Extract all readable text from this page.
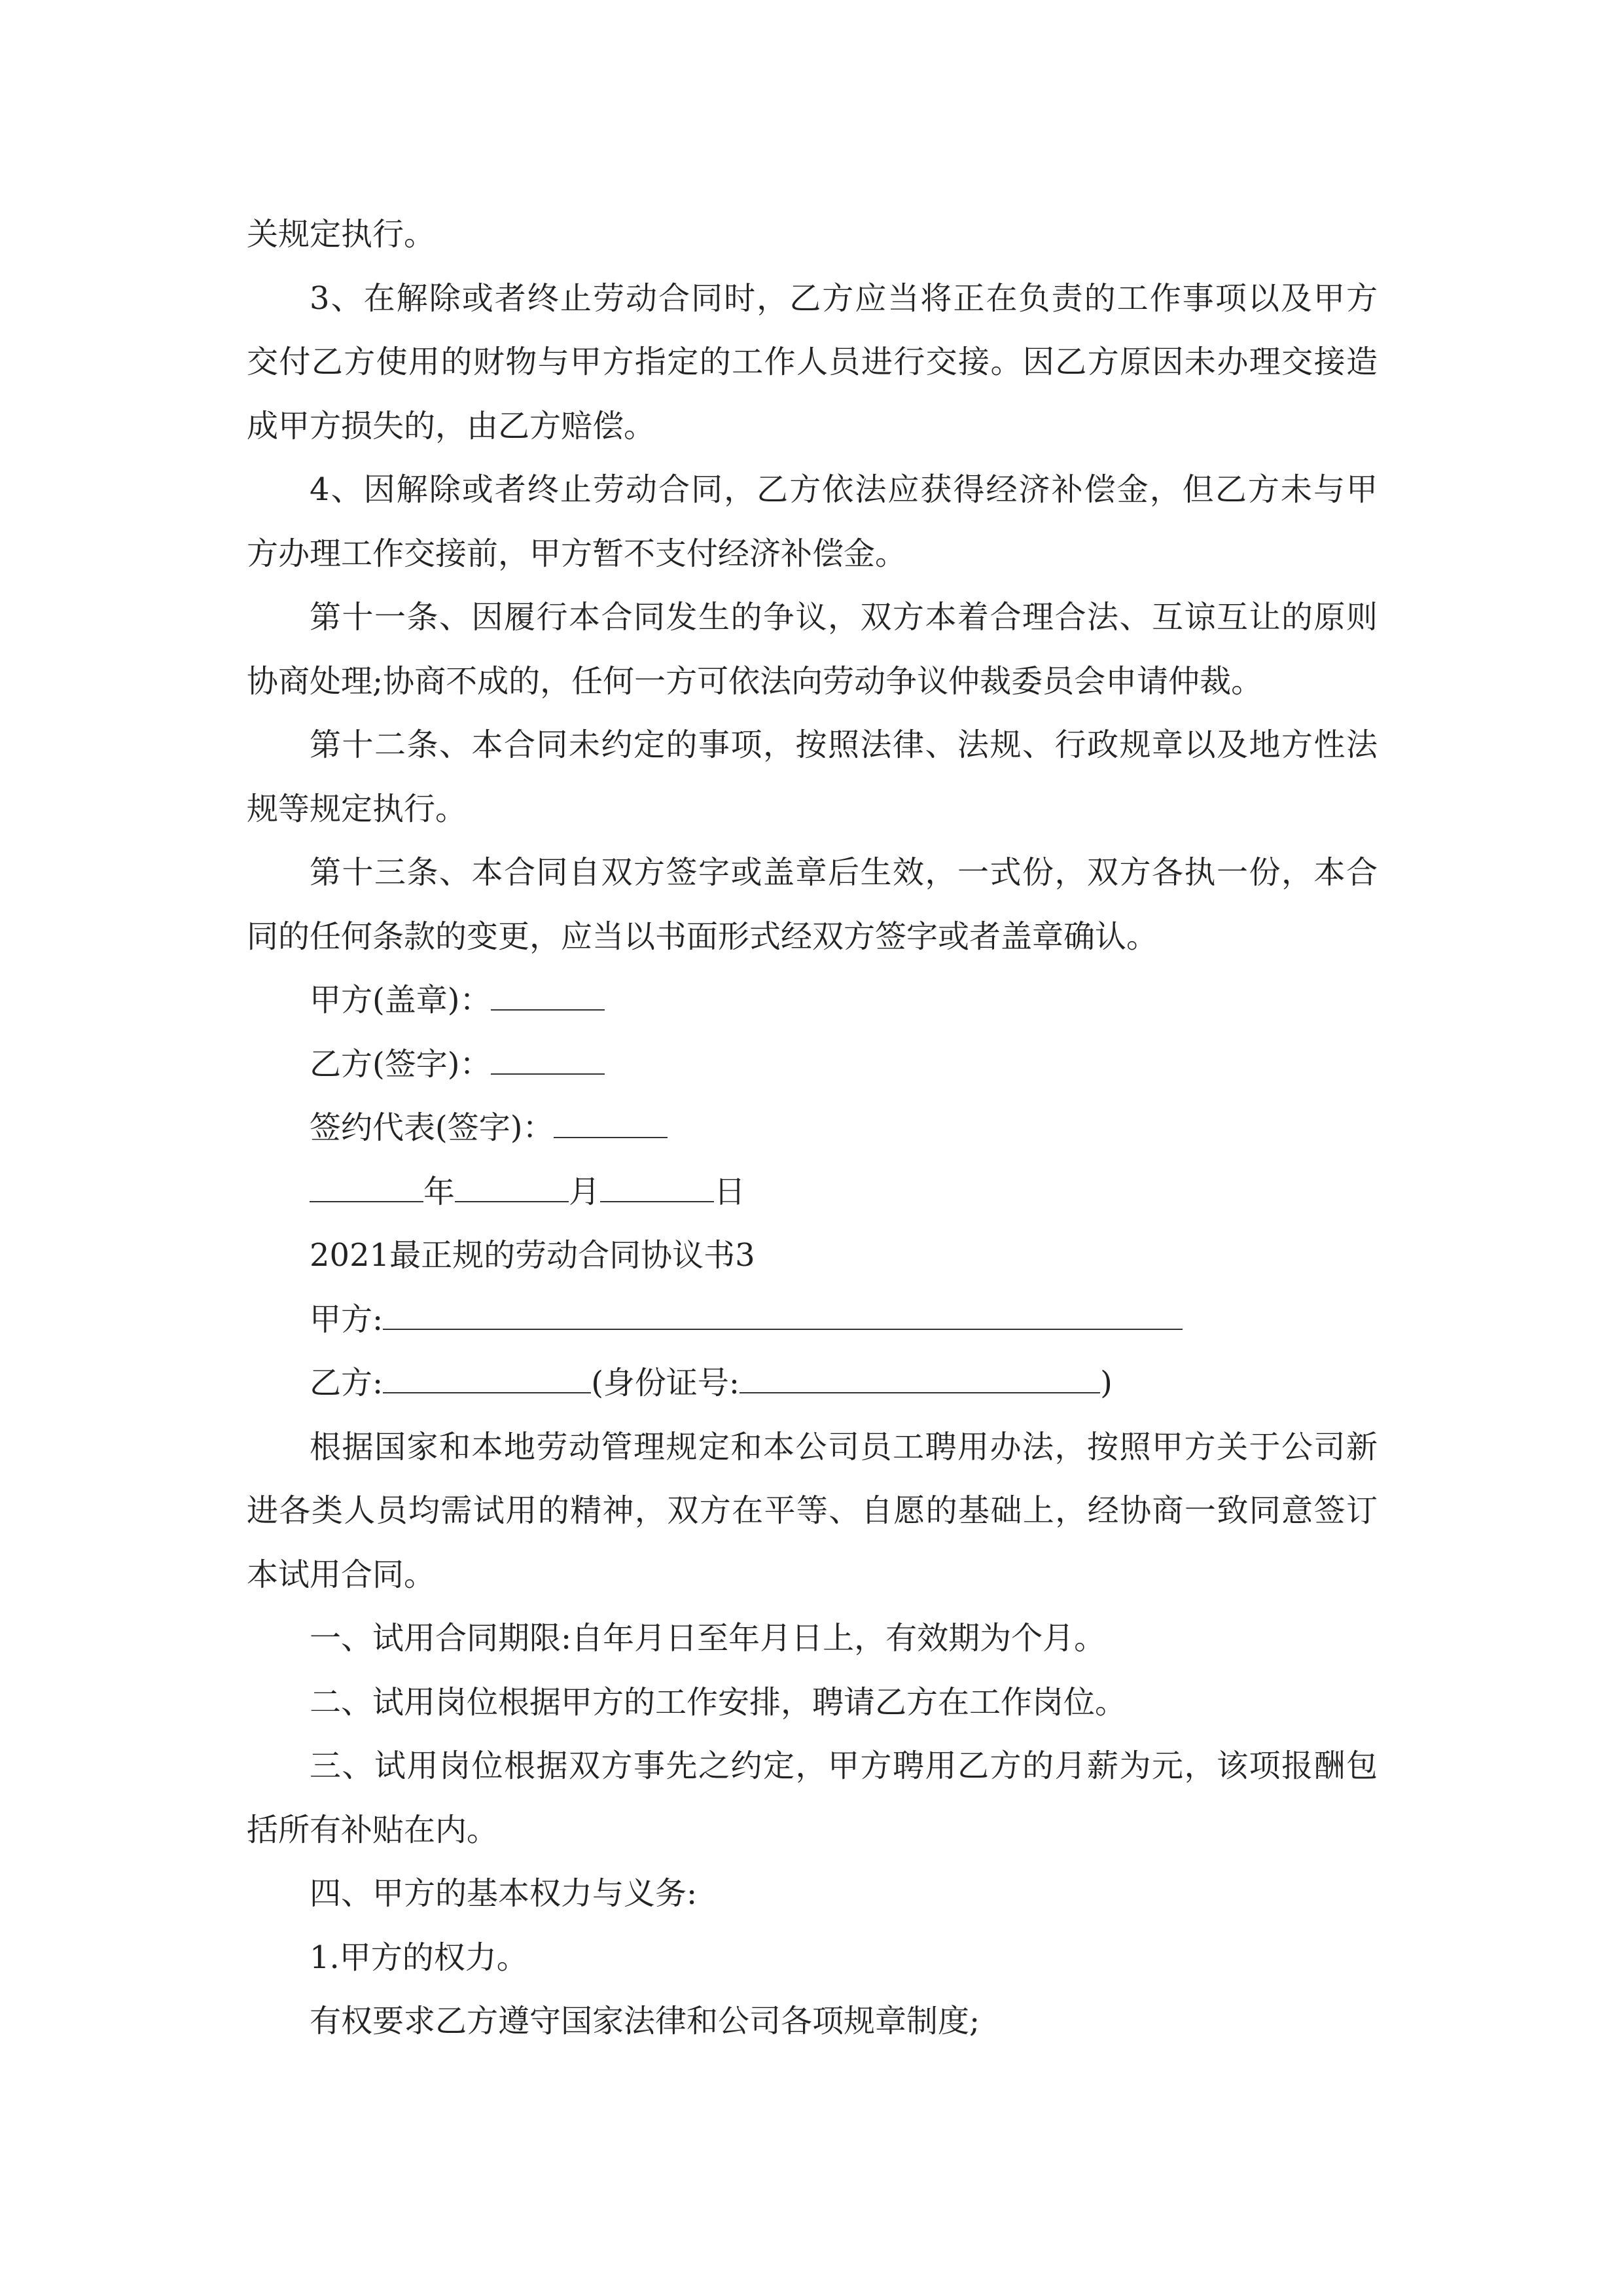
关规定执行。

3、在解除或者终止劳动合同时，乙方应当将正在负责的工作事项以及甲方

交付乙方使用的财物与甲方指定的工作人员进行交接。因乙方原因未办理交接造

成甲方损失的，由乙方赔偿。

4、因解除或者终止劳动合同，乙方依法应获得经济补偿金，但乙方未与甲

方办理工作交接前，甲方暂不支付经济补偿金。

第十一条、因履行本合同发生的争议，双方本着合理合法、互谅互让的原则

协商处理;协商不成的，任何一方可依法向劳动争议仲裁委员会申请仲裁。

第十二条、本合同未约定的事项，按照法律、法规、行政规章以及地方性法

规等规定执行。

第十三条、本合同自双方签字或盖章后生效，一式份，双方各执一份，本合

同的任何条款的变更，应当以书面形式经双方签字或者盖章确认。

甲方(盖章)：

乙方(签字)：

签约代表(签字)：

年	月	日

2021最正规的劳动合同协议书3

甲方:

乙方:	(身份证号:	)

根据国家和本地劳动管理规定和本公司员工聘用办法，按照甲方关于公司新

进各类人员均需试用的精神，双方在平等、自愿的基础上，经协商一致同意签订

本试用合同。

一、试用合同期限:自年月日至年月日上，有效期为个月。

二、试用岗位根据甲方的工作安排，聘请乙方在工作岗位。

三、试用岗位根据双方事先之约定，甲方聘用乙方的月薪为元，该项报酬包

括所有补贴在内。

四、甲方的基本权力与义务:

1.甲方的权力。

有权要求乙方遵守国家法律和公司各项规章制度;
